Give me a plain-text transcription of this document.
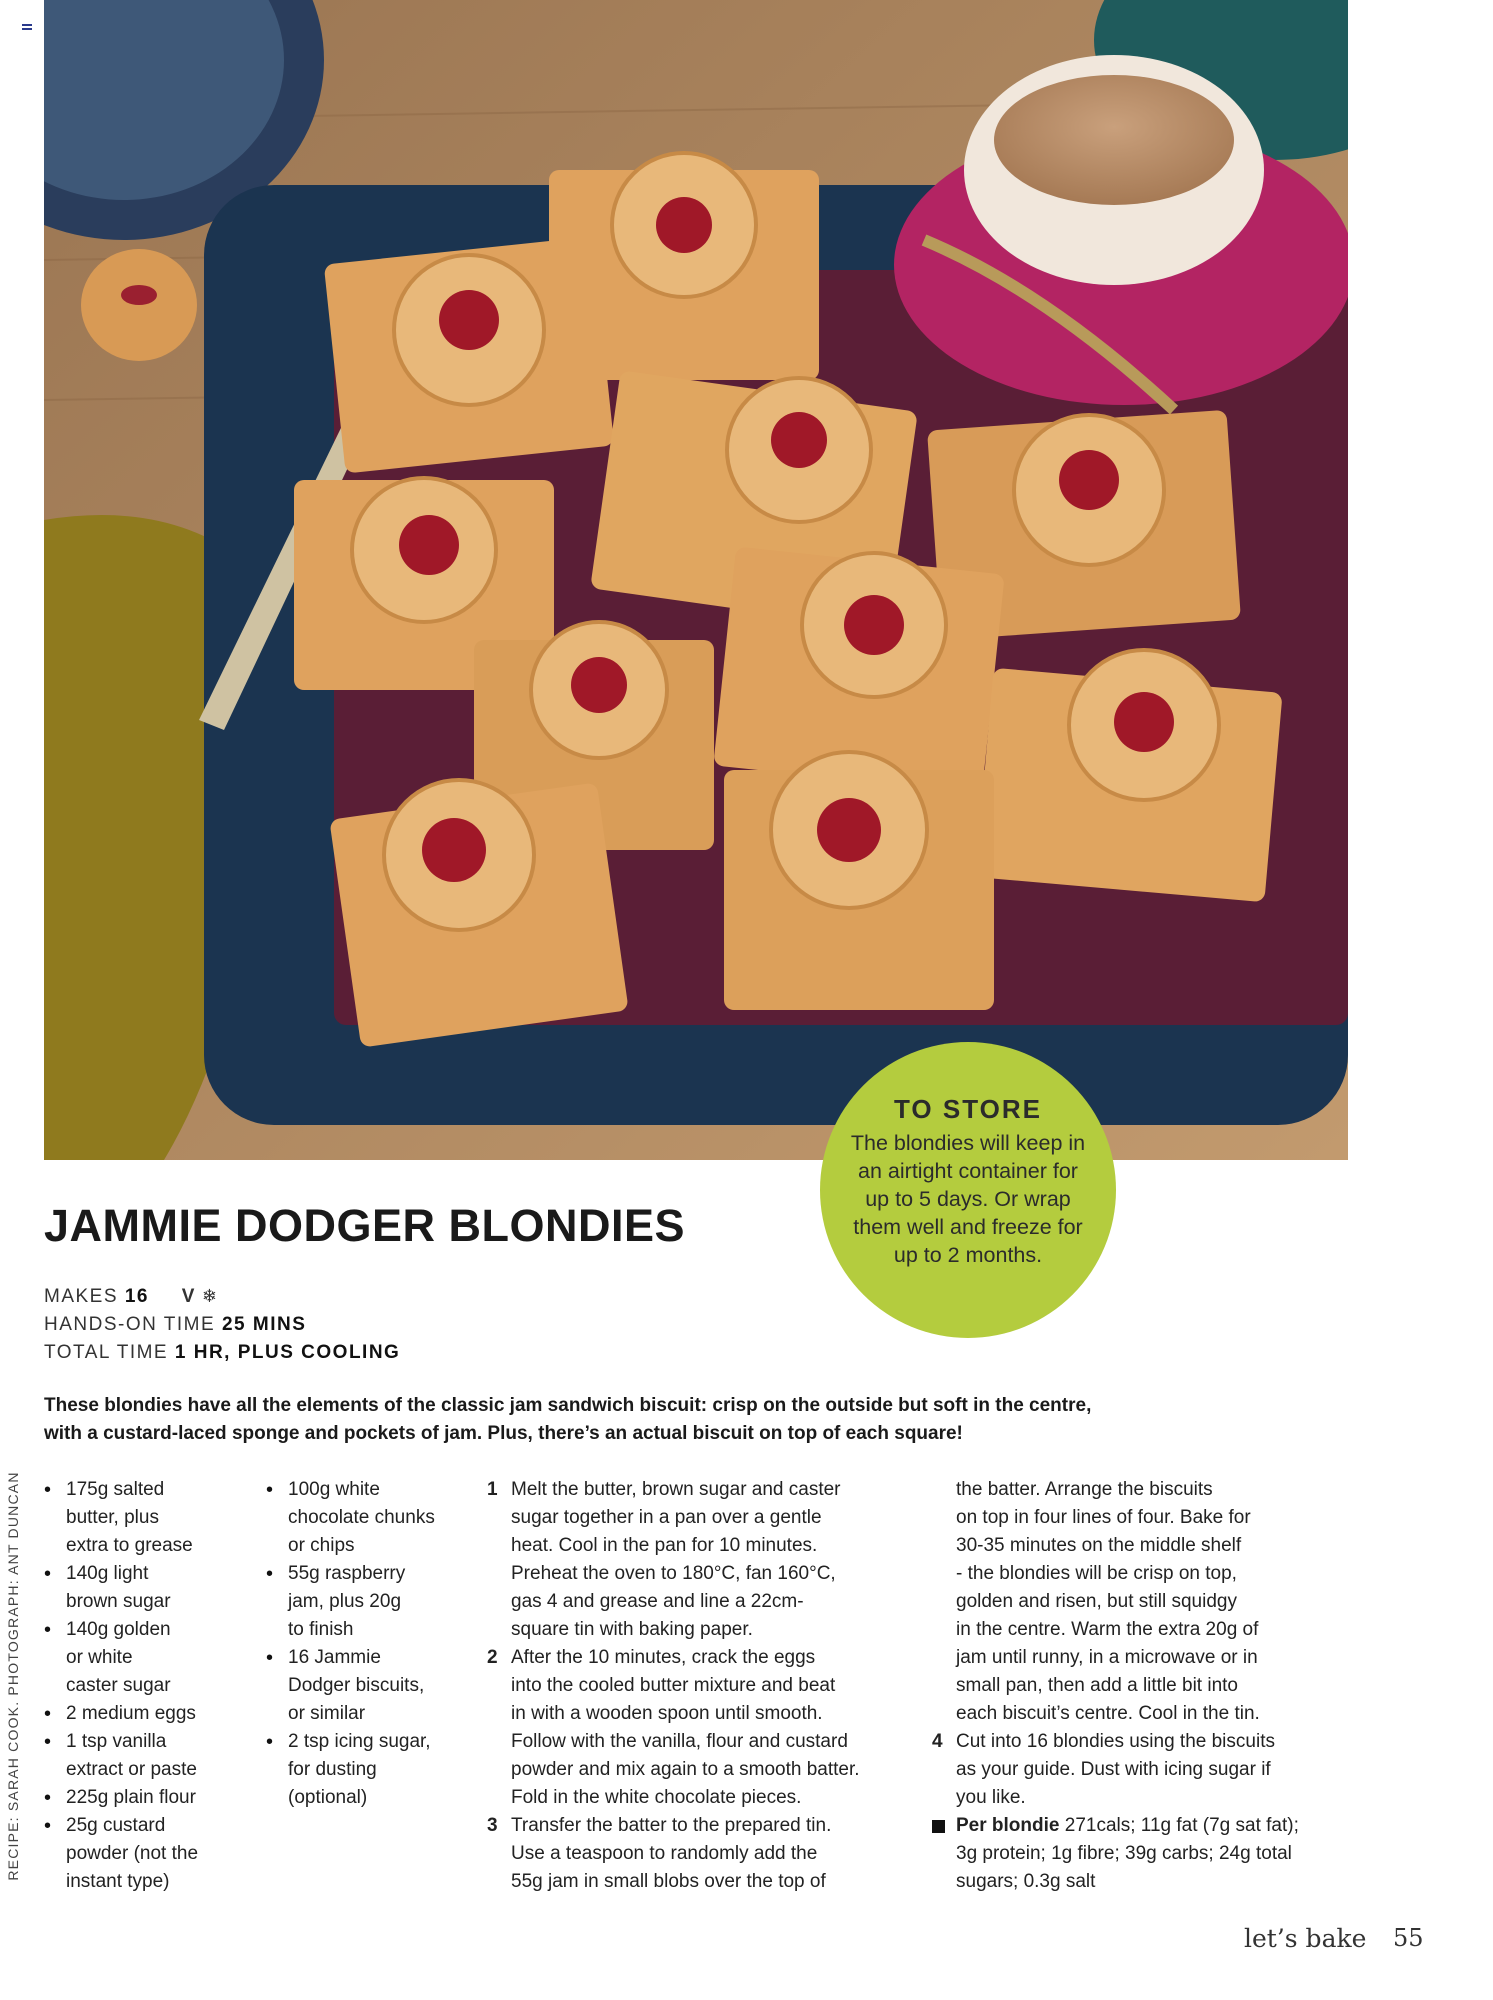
TO STORE
The blondies will keep in an airtight container for up to 5 days. Or wrap them well and freeze for up to 2 months.
JAMMIE DODGER BLONDIES
MAKES 16 V ❄
HANDS-ON TIME 25 MINS
TOTAL TIME 1 HR, PLUS COOLING
These blondies have all the elements of the classic jam sandwich biscuit: crisp on the outside but soft in the centre,
with a custard-laced sponge and pockets of jam. Plus, there’s an actual biscuit on top of each square!
• 175g salted
butter, plus
extra to grease
• 140g light
brown sugar
• 140g golden
or white
caster sugar
• 2 medium eggs
• 1 tsp vanilla
extract or paste
• 225g plain flour
• 25g custard
powder (not the
instant type)
• 100g white
chocolate chunks
or chips
• 55g raspberry
jam, plus 20g
to finish
• 16 Jammie
Dodger biscuits,
or similar
• 2 tsp icing sugar,
for dusting
(optional)
1 Melt the butter, brown sugar and caster
sugar together in a pan over a gentle
heat. Cool in the pan for 10 minutes.
Preheat the oven to 180°C, fan 160°C,
gas 4 and grease and line a 22cm-
square tin with baking paper.
2 After the 10 minutes, crack the eggs
into the cooled butter mixture and beat
in with a wooden spoon until smooth.
Follow with the vanilla, flour and custard
powder and mix again to a smooth batter.
Fold in the white chocolate pieces.
3 Transfer the batter to the prepared tin.
Use a teaspoon to randomly add the
55g jam in small blobs over the top of
the batter. Arrange the biscuits
on top in four lines of four. Bake for
30-35 minutes on the middle shelf
- the blondies will be crisp on top,
golden and risen, but still squidgy
in the centre. Warm the extra 20g of
jam until runny, in a microwave or in
small pan, then add a little bit into
each biscuit’s centre. Cool in the tin.
4 Cut into 16 blondies using the biscuits
as your guide. Dust with icing sugar if
you like.
Per blondie 271cals; 11g fat (7g sat fat);
3g protein; 1g fibre; 39g carbs; 24g total
sugars; 0.3g salt
RECIPE: SARAH COOK. PHOTOGRAPH: ANT DUNCAN
let’s bake 55
